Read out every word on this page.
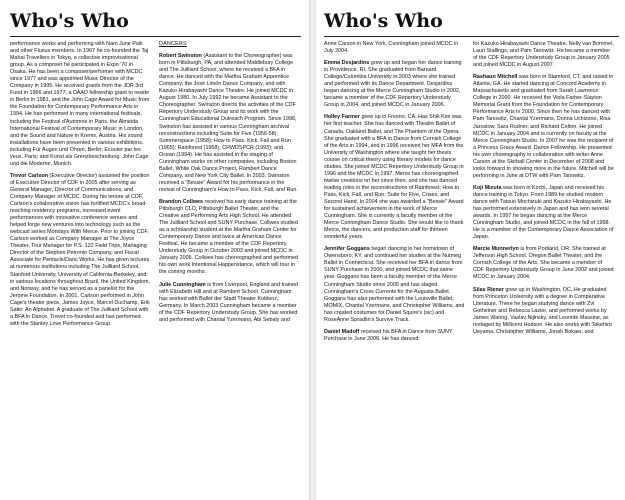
Who's Who

performance works and performing with Nam June Paik and other Fluxus members. In 1967 he co-founded the Taj Mahal Travellers in Tokyo, a collective improvisational group. As a composer he participated in Expo '70 in Osaka. He has been a composer/performer with MCDC since 1977 and was appointed Music Director of the Company in 1995. He received grants from the JDR 3rd Fund in 1966 and 1977, a DAAD fellowship grant to reside in Berlin in 1981, and the John Cage Award for Music from the Foundation for Contemporary Performance Arts in 1994. He has performed in many international festivals, including the Festival d'Automne in Paris, the Almeida International Festival of Contemporary Music in London, and the Sound and Nature in Krems, Austria. His sound installations have been presented in various exhibitions, including Für Augen und Ohren, Berlin; Ecouter par les yeux, Paris; and Kunst als Grenzbeschreitung: John Cage und die Moderne, Munich.

Trevor Carlson (Executive Director) assumed the position of Executive Director of CDF in 2005 after serving as General Manager, Director of Communications, and Company Manager of MCDC. During his tenure at CDF, Carlson's collaborative vision has fortified MCDC's broad-reaching residency programs, increased event performances with innovative conference venues and helped forge new ventures into technology such as the webcast series Mondays With Merce. Prior to joining CDF, Carlson worked as Company Manager at The Joyce Theater, Tour Manager for P.S. 122 Field Trips, Managing Director of the Stephen Petronio Company, and Fiscal Associate for Pentacle/Danc Works. He has given lectures at numerous institutions including The Juilliard School, Stanford University, University of California-Berkeley, and in various locations throughout Brazil, the United Kingdom, and Norway, and he has served as a panelist for the Jerome Foundation. In 2001, Carlson performed in John Cage's theater piece, James Joyce, Marcel Duchamp, Erik Satie: An Alphabet. A graduate of The Juilliard School with a BFA in Dance, Trevor co-founded and has performed with the Stanley Love Performance Group.

DANCERS

Robert Swinston (Assistant to the Choreographer) was born in Pittsburgh, PA, and attended Middlebury College and The Juilliard School, where he received a BFA in dance. He danced with the Martha Graham Apprentice Company, the José Limón Dance Company, and with Kazuko Hirabayashi Dance Theatre. He joined MCDC in August 1980. In July 1992 he became Assistant to the Choreographer. Swinston directs the activities of the CDF Repertory Understudy Group and its work with the Cunningham Educational Outreach Program. Since 1998, Swinston has assisted in various Cunningham archival reconstructions including Suite for Five (1956-58); Summerspace (1958); How to Pass, Kick, Fall and Run (1965); Rainforest (1968); CRWDSPCR (1993); and Ocean (1994). He has assisted in the staging of Cunningham works on other companies, including Boston Ballet, White Oak Dance Project, Rambert Dance Company, and New York City Ballet. In 2003, Swinston received a "Bessie" Award for his performance in the revival of Cunningham's How to Pass, Kick, Fall, and Run.

Brandon Collwes received his early dance training at the Pittsburgh CLO, Pittsburgh Ballet Theater, and the Creative and Performing Arts High School. He attended The Juilliard School and SUNY Purchase. Collwes studied as a scholarship student at the Martha Graham Center for Contemporary Dance and twice at American Dance Festival. He became a member of the CDF Repertory Understudy Group in October 2003 and joined MCDC in January 2006. Collwes has choreographed and performed his own work Intentional Happenstance, which will tour in the coming months.

Julie Cunningham is from Liverpool, England and trained with Elizabeth Hill and at Rambert School. Cunningham has worked with Ballet der Stadt Theater Koblenz, Germany. In March 2003 Cunningham became a member of the CDF Repertory Understudy Group. She has worked and performed with Chantal Yzermans, Abi Sebaly and

Who's Who

Anne Carson in New York. Cunningham joined MCDC in July 2004.

Emma Desjardins grew up and began her dance training in Providence, RI. She graduated from Barnard College/Columbia University in 2003 where she trained and performed with its Dance Department. Desjardins began dancing at the Merce Cunningham Studio in 2002, became a member of the CDF Repertory Understudy Group in 2004, and joined MCDC in January 2006.

Holley Farmer grew up in Fresno, CA. Has Shik Kim was her first teacher. She has danced with Theatre Ballet of Canada, Oakland Ballet, and The Phantom of the Opera. She graduated with a BFA in Dance from Cornish College of the Arts in 1994, and in 1996 received her MFA from the University of Washington where she taught her thesis course on critical theory using literary models for dance studies. She joined MCDC Repertory Understudy Group in 1996 and the MCDC in 1997. Merce has choreographed twelve creations on her since then, and she has danced leading roles in the reconstructions of Rainforest; How to Pass, Kick, Fall, and Run; Suite for Five, Crises, and Second Hand. In 2004 she was awarded a "Bessie" Award for sustained achievement in the work of Merce Cunningham. She is currently a faculty member of the Merce Cunningham Dance Studio. She would like to thank Merce, the dancers, and production staff for thirteen wonderful years.

Jennifer Goggans began dancing in her hometown of Owensboro, KY, and continued her studies at the Nutmeg Ballet in Connecticut. She received her BFA in dance from SUNY Purchase in 2000, and joined MCDC that same year. Goggans has been a faculty member of the Merce Cunningham Studio since 2005 and has staged Cunningham's Cross Currents for the Augusta Ballet. Goggans has also performed with the Louisville Ballet, MOMIX, Chantal Yzermans, and Christopher Williams, and has created costumes for Daniel Squire's (sic) and RoseAnne Spradlin's Survive Track.

Daniel Madoff received his BFA in Dance from SUNY Purchase in June 2006. He has danced

for Kazuko Hirabayashi Dance Theatre, Nelly van Bommel, Lauri Stallings, and Pam Tanowitz. He became a member of the CDF Repertory Understudy Group in January 2005 and joined MCDC in August 2007.

Rashaun Mitchell was born in Stamford, CT, and raised in Atlanta, GA. He started dancing at Concord Academy in Massachusetts and graduated from Sarah Lawrence College in 2000. He received the Viola Farber-Slayton Memorial Grant from the Foundation for Contemporary Performance Arts in 2000. Since then he has danced with Pam Tanowitz, Chantal Yzermans, Donna Uchizono, Risa Jaroslow, Sara Rudner, and Richard Colton. He joined MCDC in January 2004 and is currently on faculty at the Merce Cunningham Studio. In 2007 he was the recipient of a Princess Grace Award: Dance Fellowship. He presented his own choreography in collaboration with writer Anne Carson at the Skirball Center in December of 2008 and looks forward to showing more in the future. Mitchell will be performing in June at DTW with Pam Tanowitz.

Koji Mizuta was born in Kochi, Japan and received his dance training in Tokyo. From 1989 he studied modern dance with Tatsuo Mochizuki and Kazuko Hirabayashi. He has performed extensively in Japan and has won several awards. In 1997 he began dancing at the Merce Cunningham Studio, and joined MCDC in the fall of 1998. He is a member of the Contemporary Dance Association of Japan.

Marcie Munnerlyn is from Portland, OR. She trained at Jefferson High School, Oregon Ballet Theater, and the Cornish College of the Arts. She became a member of CDF Repertory Understudy Group in June 2002 and joined MCDC in January 2004.

Silas Riener grew up in Washington, DC. He graduated from Princeton University with a degree in Comparative Literature. There he began studying dance with Zvi Gotheiner and Rebecca Lazier, and performed works by James Waring, Vaslav Nijinsky, and Leonide Massine, as restaged by Millicent Hodson. He also works with Takehiro Ueyama, Christopher Williams, Jonah Bokaer, and
